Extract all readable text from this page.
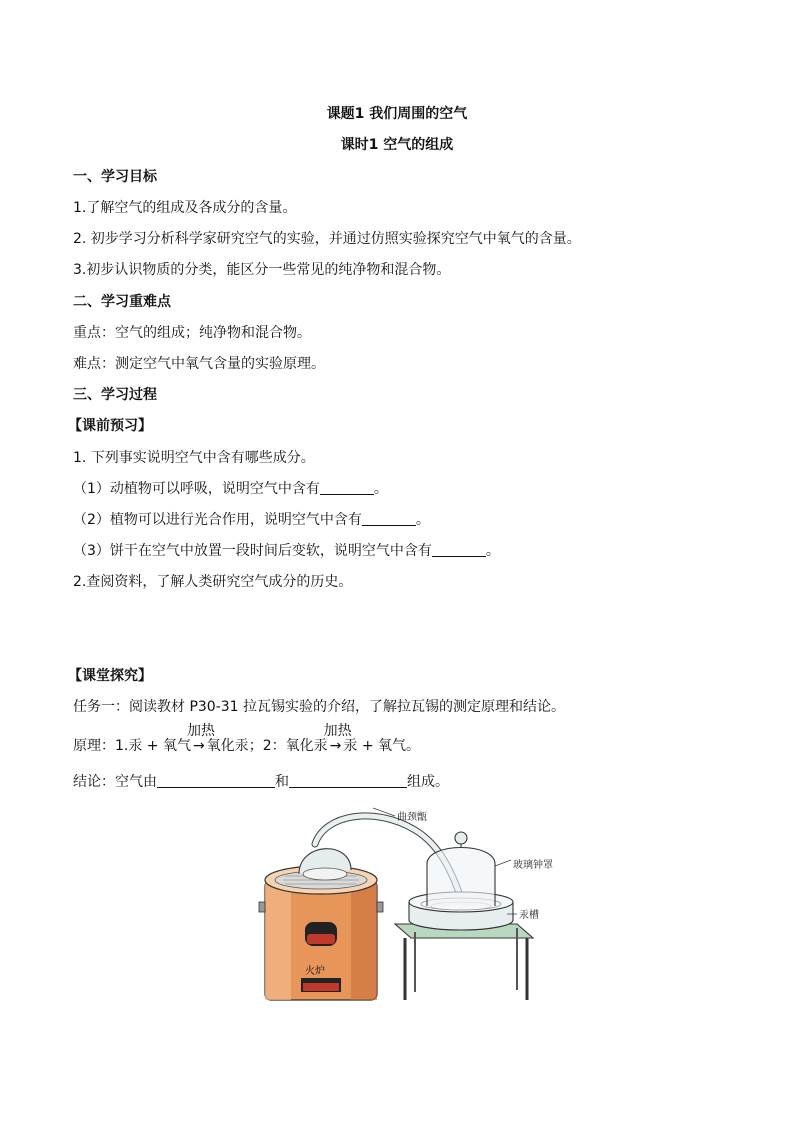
课题1 我们周围的空气
课时1 空气的组成
一、学习目标
1.了解空气的组成及各成分的含量。
2. 初步学习分析科学家研究空气的实验，并通过仿照实验探究空气中氧气的含量。
3.初步认识物质的分类，能区分一些常见的纯净物和混合物。
二、学习重难点
重点：空气的组成；纯净物和混合物。
难点：测定空气中氧气含量的实验原理。
三、学习过程
【课前预习】
1. 下列事实说明空气中含有哪些成分。
（1）动植物可以呼吸，说明空气中含有	。
（2）植物可以进行光合作用，说明空气中含有	。
（3）饼干在空气中放置一段时间后变软，说明空气中含有	。
2.查阅资料，了解人类研究空气成分的历史。
【课堂探究】
任务一：阅读教材 P30-31 拉瓦锡实验的介绍，了解拉瓦锡的测定原理和结论。
原理：1.汞 + 氧气
加热
→ 氧化汞；2：氧化汞
加热
→ 汞 + 氧气。
结论：空气由	和	组成。
曲颈甑
玻璃钟罩
汞槽
火炉
